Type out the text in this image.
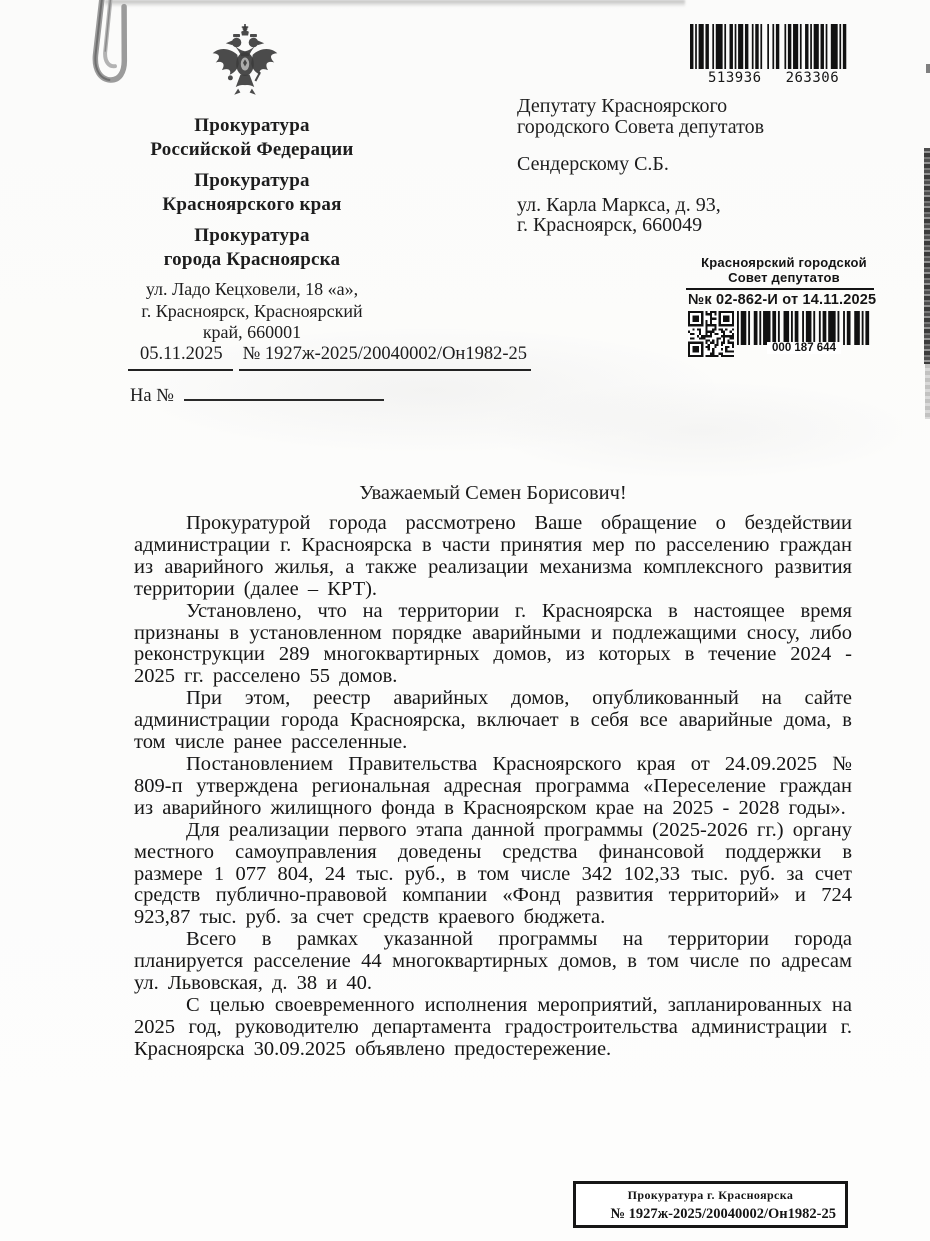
Прокуратура
Российской Федерации
Прокуратура
Красноярского края
Прокуратура
города Красноярска
ул. Ладо Кецховели, 18 «а»,
г. Красноярск, Красноярский
край, 660001
05.11.2025 № 1927ж-2025/20040002/Он1982-25
На №
Депутату Красноярского
городского Совета депутатов
Сендерскому С.Б.
ул. Карла Маркса, д. 93,
г. Красноярск, 660049
513936 263306
Красноярский городской
Совет депутатов
№к 02-862-И от 14.11.2025
000 187 644
Уважаемый Семен Борисович!

Прокуратурой города рассмотрено Ваше обращение о бездействии администрации г. Красноярска в части принятия мер по расселению граждан из аварийного жилья, а также реализации механизма комплексного развития территории (далее – КРТ).

Установлено, что на территории г. Красноярска в настоящее время признаны в установленном порядке аварийными и подлежащими сносу, либо реконструкции 289 многоквартирных домов, из которых в течение 2024 - 2025 гг. расселено 55 домов.

При этом, реестр аварийных домов, опубликованный на сайте администрации города Красноярска, включает в себя все аварийные дома, в том числе ранее расселенные.

Постановлением Правительства Красноярского края от 24.09.2025 № 809-п утверждена региональная адресная программа «Переселение граждан из аварийного жилищного фонда в Красноярском крае на 2025 - 2028 годы».

Для реализации первого этапа данной программы (2025-2026 гг.) органу местного самоуправления доведены средства финансовой поддержки в размере 1 077 804, 24 тыс. руб., в том числе 342 102,33 тыс. руб. за счет средств публично-правовой компании «Фонд развития территорий» и 724 923,87 тыс. руб. за счет средств краевого бюджета.

Всего в рамках указанной программы на территории города планируется расселение 44 многоквартирных домов, в том числе по адресам ул. Львовская, д. 38 и 40.

С целью своевременного исполнения мероприятий, запланированных на 2025 год, руководителю департамента градостроительства администрации г. Красноярска 30.09.2025 объявлено предостережение.

Прокуратура г. Красноярска
№ 1927ж-2025/20040002/Он1982-25
